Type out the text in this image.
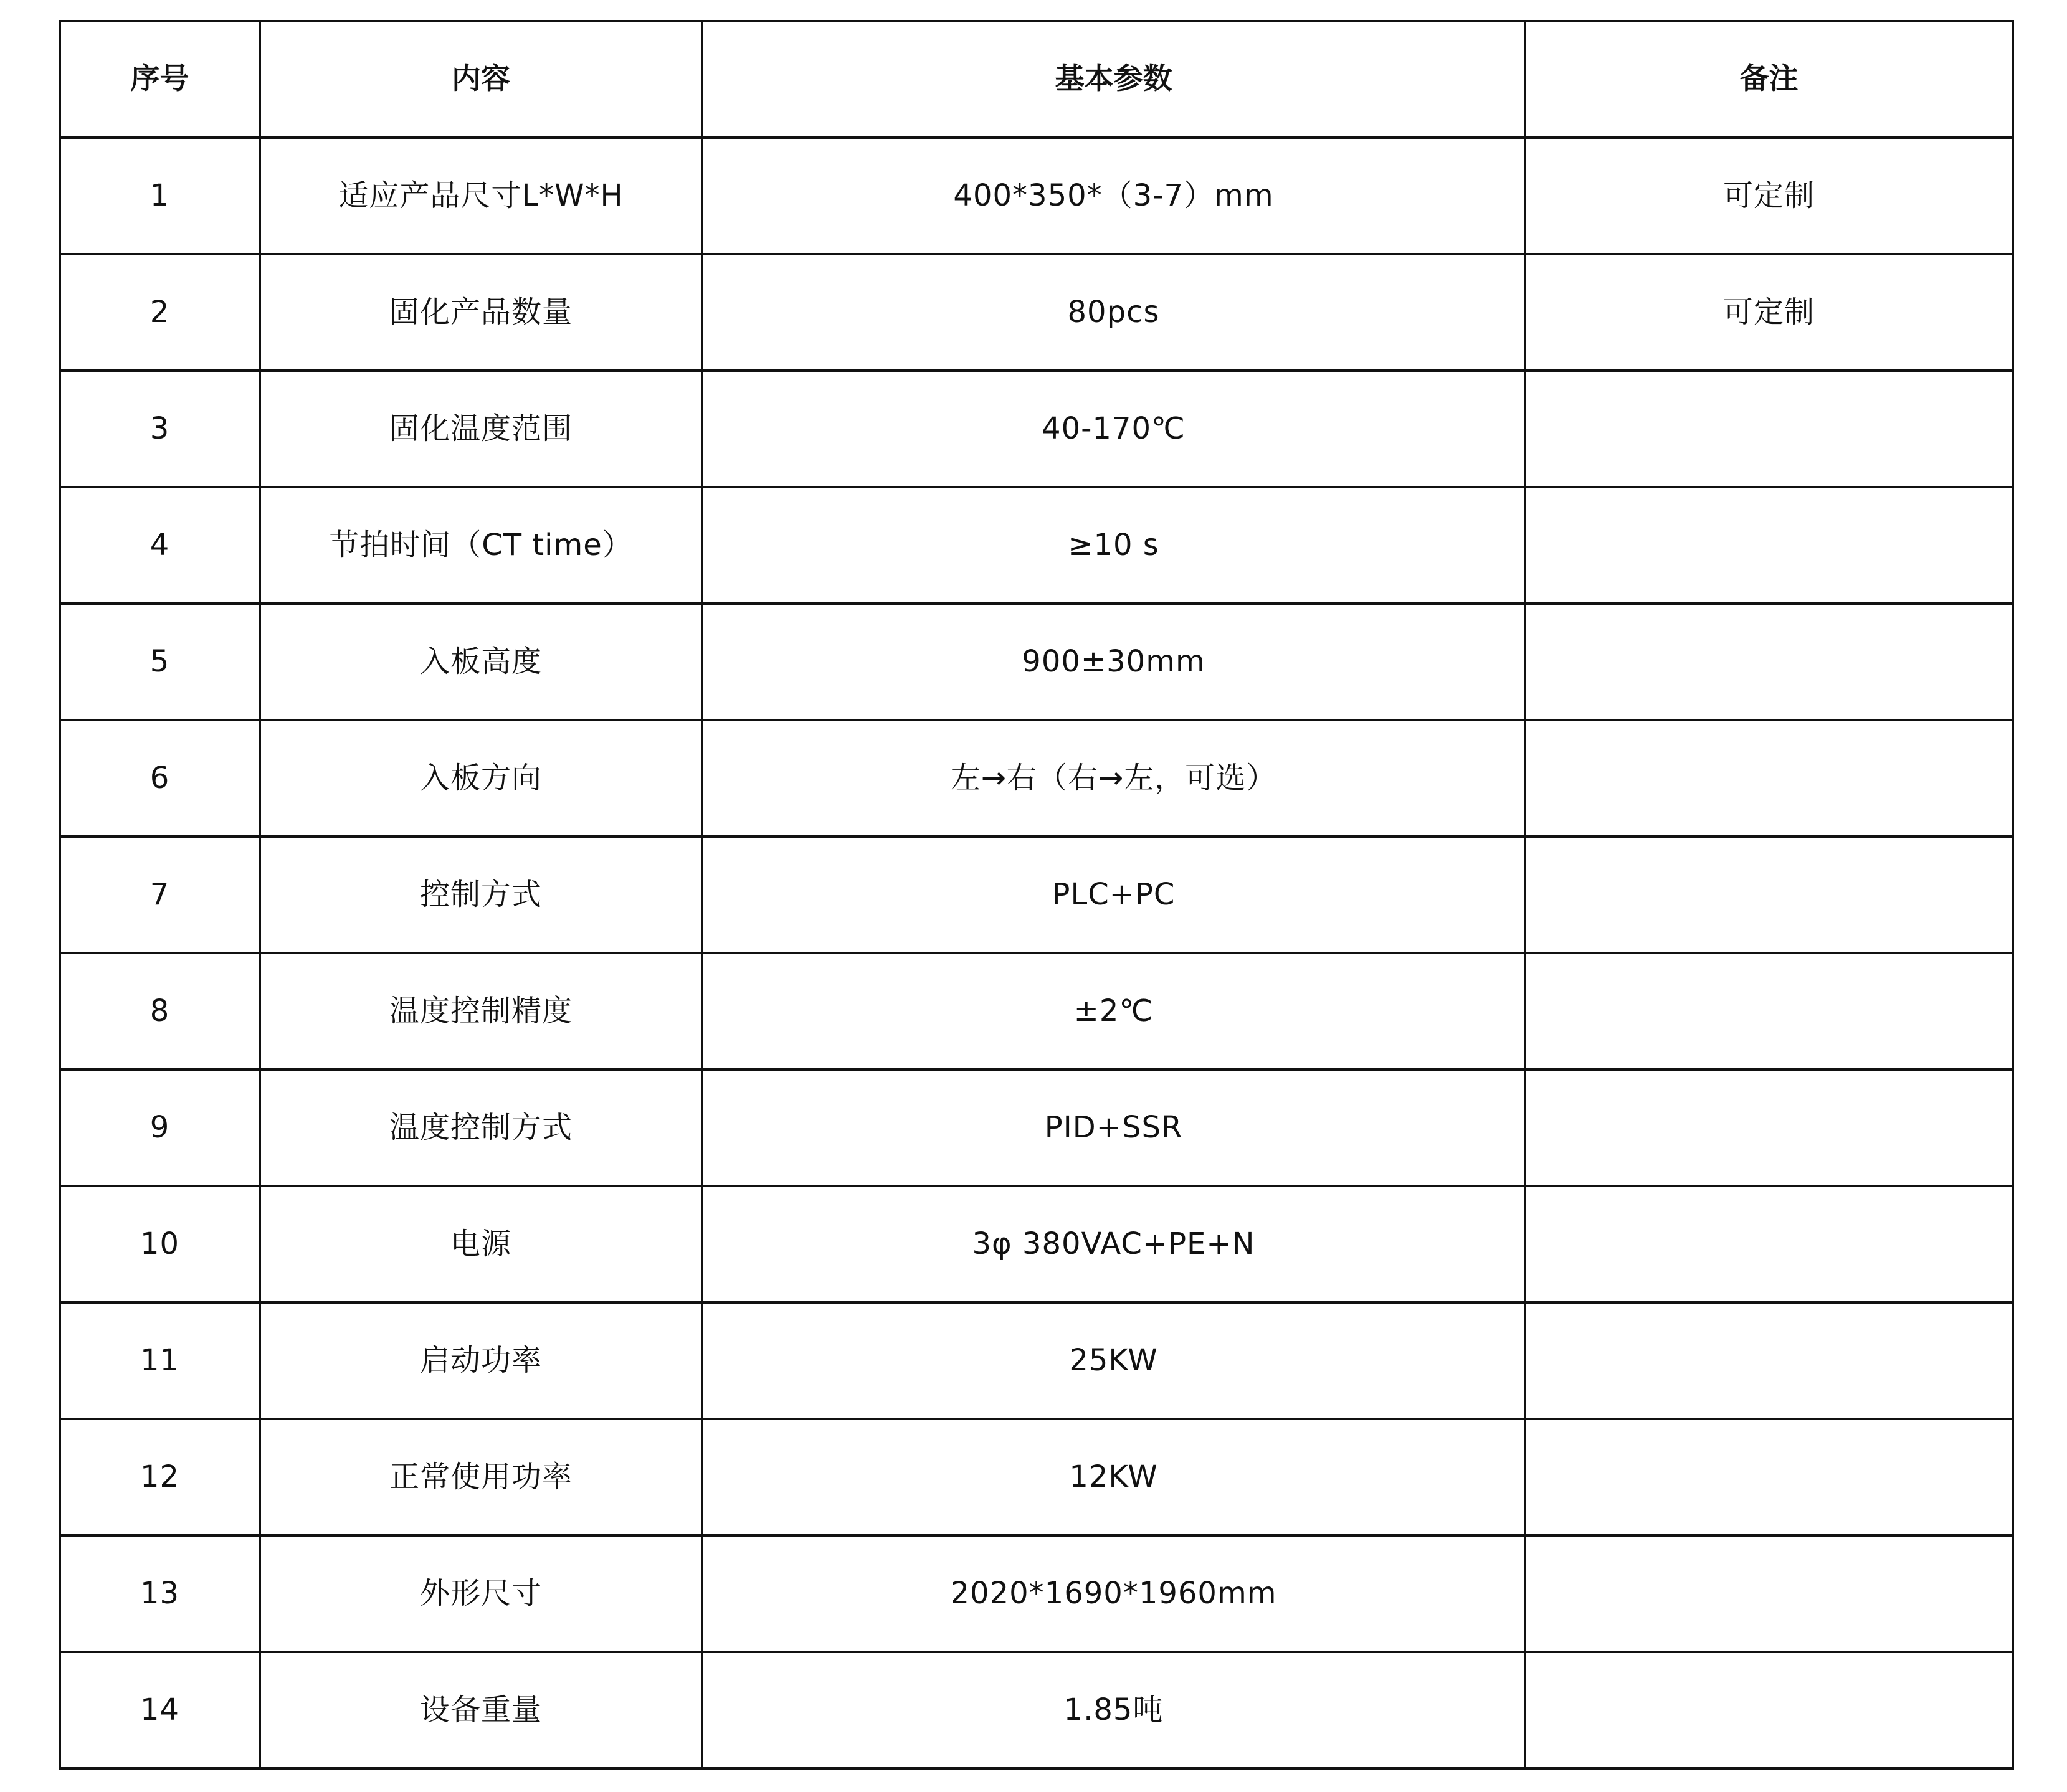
序号	内容	基本参数	备注
1	适应产品尺寸L*W*H	400*350*（3-7）mm	可定制
2	固化产品数量	80pcs	可定制
3	固化温度范围	40-170℃	
4	节拍时间（CT time）	≥10 s	
5	入板高度	900±30mm	
6	入板方向	左→右（右→左，可选）	
7	控制方式	PLC+PC	
8	温度控制精度	±2℃	
9	温度控制方式	PID+SSR	
10	电源	3φ 380VAC+PE+N	
11	启动功率	25KW	
12	正常使用功率	12KW	
13	外形尺寸	2020*1690*1960mm	
14	设备重量	1.85吨	
